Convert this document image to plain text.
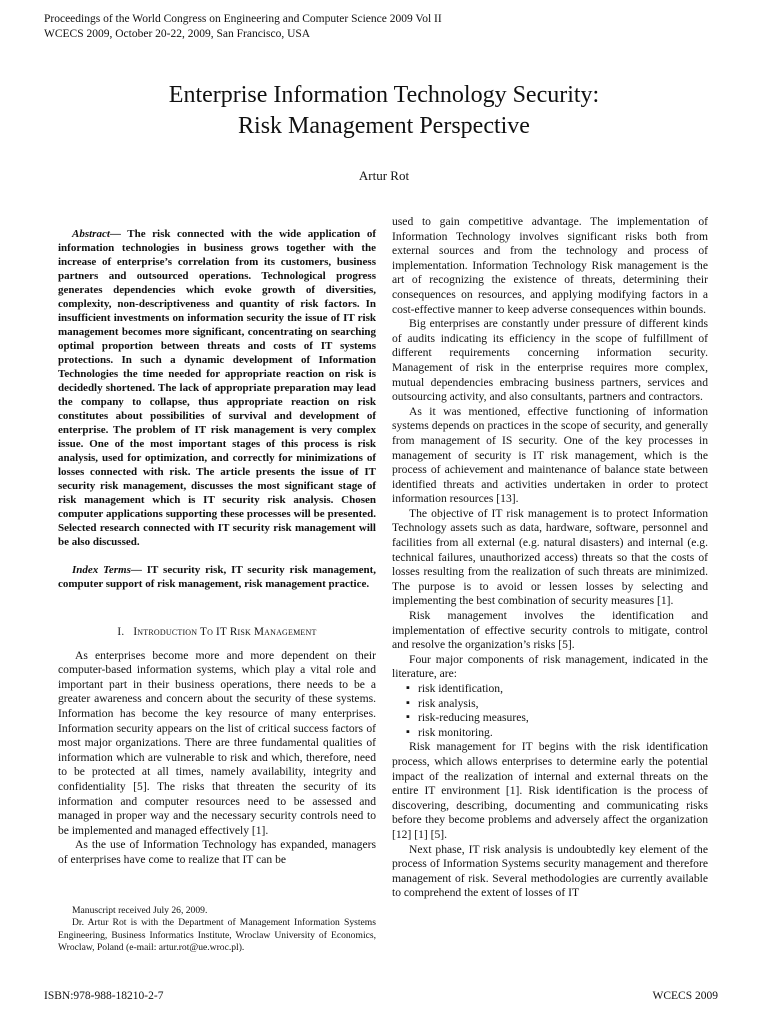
Proceedings of the World Congress on Engineering and Computer Science 2009 Vol II
WCECS 2009, October 20-22, 2009, San Francisco, USA
Enterprise Information Technology Security:
Risk Management Perspective
Artur Rot

Abstract— The risk connected with the wide application of information technologies in business grows together with the increase of enterprise’s correlation from its customers, business partners and outsourced operations. Technological progress generates dependencies which evoke growth of diversities, complexity, non-descriptiveness and quantity of risk factors. In insufficient investments on information security the issue of IT risk management becomes more significant, concentrating on searching optimal proportion between threats and costs of IT systems protections. In such a dynamic development of Information Technologies the time needed for appropriate reaction on risk is decidedly shortened. The lack of appropriate preparation may lead the company to collapse, thus appropriate reaction on risk constitutes about possibilities of survival and development of enterprise. The problem of IT risk management is very complex issue. One of the most important stages of this process is risk analysis, used for optimization, and correctly for minimizations of losses connected with risk. The article presents the issue of IT security risk management, discusses the most significant stage of risk management which is IT security risk analysis. Chosen computer applications supporting these processes will be presented. Selected research connected with IT security risk management will be also discussed.

Index Terms— IT security risk, IT security risk management, computer support of risk management, risk management practice.

I. Introduction To IT Risk Management

As enterprises become more and more dependent on their computer-based information systems, which play a vital role and important part in their business operations, there needs to be a greater awareness and concern about the security of these systems. Information has become the key resource of many enterprises. Information security appears on the list of critical success factors of most major organizations. There are three fundamental qualities of information which are vulnerable to risk and which, therefore, need to be protected at all times, namely availability, integrity and confidentiality [5]. The risks that threaten the security of its information and computer resources need to be assessed and managed in proper way and the necessary security controls need to be implemented and managed effectively [1].

As the use of Information Technology has expanded, managers of enterprises have come to realize that IT can be

used to gain competitive advantage. The implementation of Information Technology involves significant risks both from external sources and from the technology and process of implementation. Information Technology Risk management is the art of recognizing the existence of threats, determining their consequences on resources, and applying modifying factors in a cost-effective manner to keep adverse consequences within bounds.

Big enterprises are constantly under pressure of different kinds of audits indicating its efficiency in the scope of fulfillment of different requirements concerning information security. Management of risk in the enterprise requires more complex, mutual dependencies embracing business partners, services and outsourcing activity, and also consultants, partners and contractors.

As it was mentioned, effective functioning of information systems depends on practices in the scope of security, and generally from management of IS security. One of the key processes in management of security is IT risk management, which is the process of achievement and maintenance of balance state between identified threats and activities undertaken in order to protect information resources [13].

The objective of IT risk management is to protect Information Technology assets such as data, hardware, software, personnel and facilities from all external (e.g. natural disasters) and internal (e.g. technical failures, unauthorized access) threats so that the costs of losses resulting from the realization of such threats are minimized. The purpose is to avoid or lessen losses by selecting and implementing the best combination of security measures [1].

Risk management involves the identification and implementation of effective security controls to mitigate, control and resolve the organization’s risks [5].

Four major components of risk management, indicated in the literature, are:

▪ risk identification,
▪ risk analysis,
▪ risk-reducing measures,
▪ risk monitoring.

Risk management for IT begins with the risk identification process, which allows enterprises to determine early the potential impact of the realization of internal and external threats on the entire IT environment [1]. Risk identification is the process of discovering, describing, documenting and communicating risks before they become problems and adversely affect the organization [12] [1] [5].

Next phase, IT risk analysis is undoubtedly key element of the process of Information Systems security management and therefore management of risk. Several methodologies are currently available to comprehend the extent of losses of IT

Manuscript received July 26, 2009.

Dr. Artur Rot is with the Department of Management Information Systems Engineering, Business Informatics Institute, Wroclaw University of Economics, Wroclaw, Poland (e-mail: artur.rot@ue.wroc.pl).

ISBN:978-988-18210-2-7	WCECS 2009
